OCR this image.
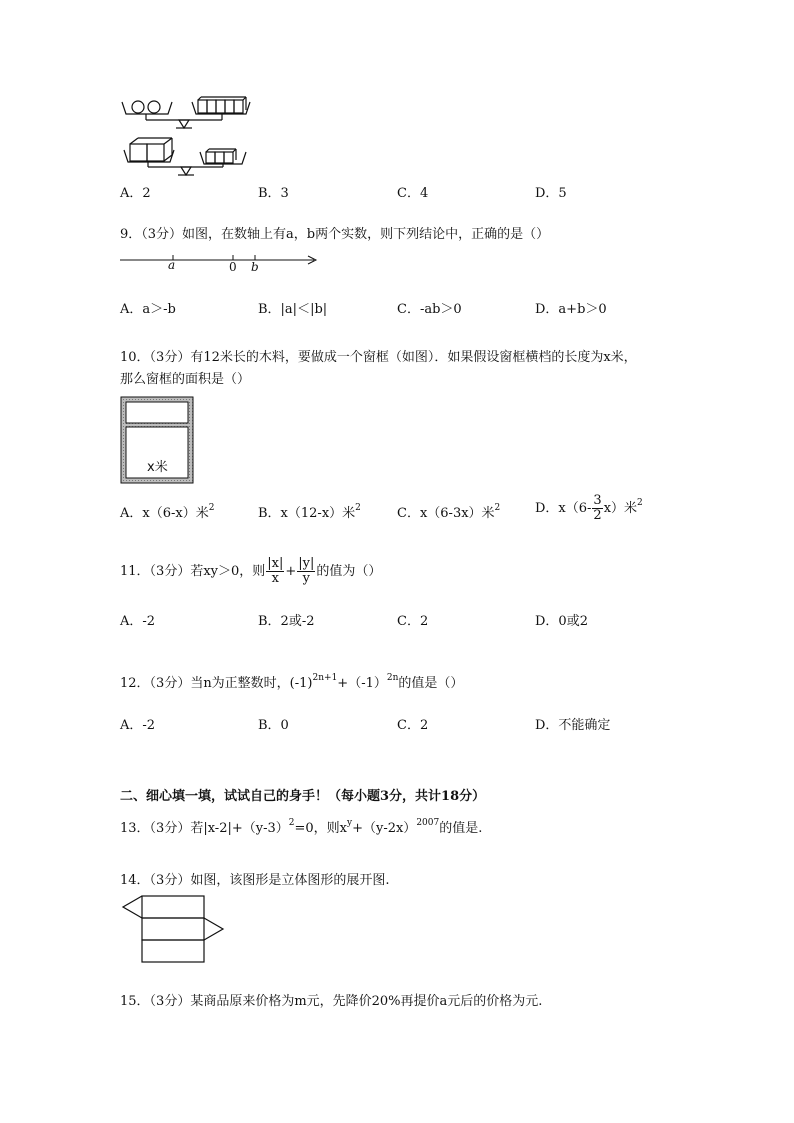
A．2	B．3	C．4	D．5
9．（3分）如图，在数轴上有a，b两个实数，则下列结论中，正确的是（）
a	0 b
A．a＞-b	B．|a|＜|b|	C．-ab＞0	D．a+b＞0
10．（3分）有12米长的木料，要做成一个窗框（如图）．如果假设窗框横档的长度为x米，
那么窗框的面积是（）
x米
A．x（6-x）米$^2$	B．x（12-x）米$^2$	C．x（6-3x）米$^2$	D．$x(6- \frac{3}{2} x)$米$^2$
11．（3分）若xy＞0，则 $\frac{|x|}{x} + \frac{|y|}{y}$ 的值为（）
A．-2	B．2或-2	C．2	D．0或2
12．（3分）当n为正整数时，$(-1)^{2n+1}+(-1)^{2n}$的值是（）
A．-2	B．0	C．2	D．不能确定
二、细心填一填，试试自己的身手！（每小题3分，共计18分）
13．（3分）若$|x-2|+(y-3)^2=0$，则$x^y+(y-2x)^{2007}$的值是.
14．（3分）如图，该图形是立体图形的展开图.
15．（3分）某商品原来价格为m元，先降价20%再提价a元后的价格为元.
